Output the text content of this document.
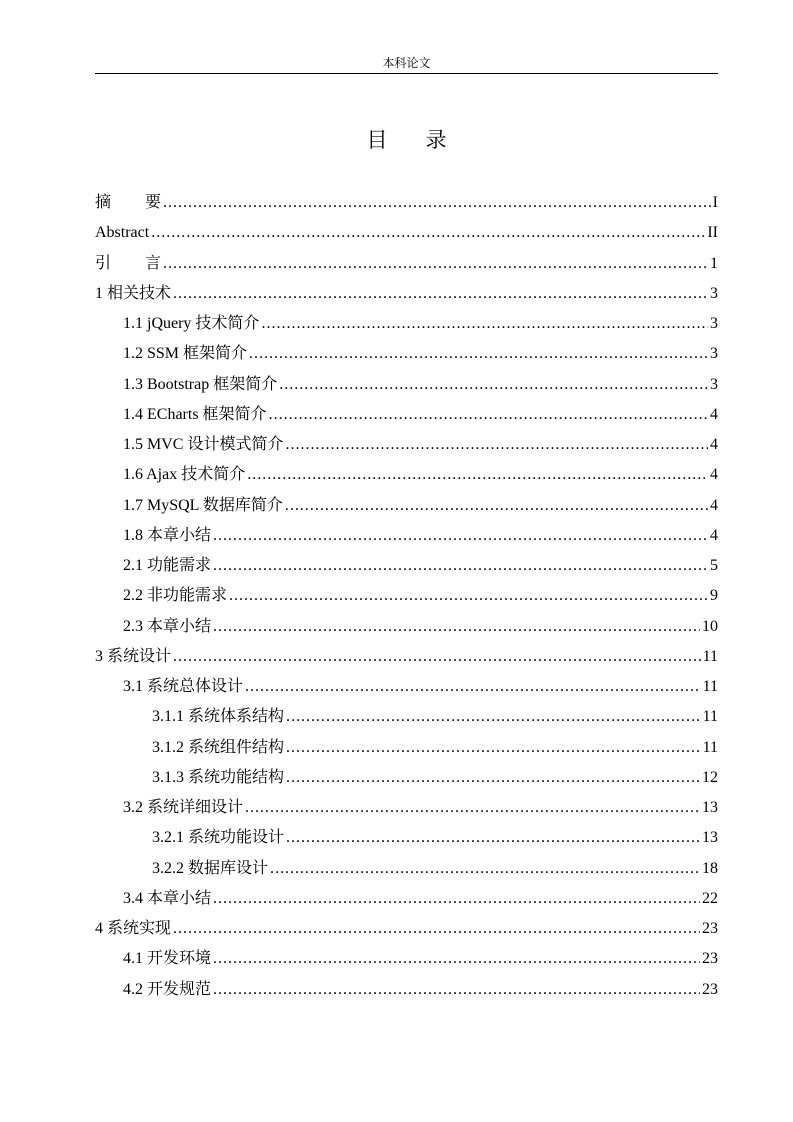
本科论文
目录
摘要 .....	I
Abstract .....	II
引言 .....	1
1 相关技术 .....	3
1.1 jQuery 技术简介 .....	3
1.2 SSM 框架简介 .....	3
1.3 Bootstrap 框架简介 .....	3
1.4 ECharts 框架简介 .....	4
1.5 MVC 设计模式简介 .....	4
1.6 Ajax 技术简介 .....	4
1.7 MySQL 数据库简介 .....	4
1.8 本章小结 .....	4
2.1 功能需求 .....	5
2.2 非功能需求 .....	9
2.3 本章小结 .....	10
3 系统设计 .....	11
3.1 系统总体设计 .....	11
3.1.1 系统体系结构 .....	11
3.1.2 系统组件结构 .....	11
3.1.3 系统功能结构 .....	12
3.2 系统详细设计 .....	13
3.2.1 系统功能设计 .....	13
3.2.2 数据库设计 .....	18
3.4 本章小结 .....	22
4 系统实现 .....	23
4.1 开发环境 .....	23
4.2 开发规范 .....	23
